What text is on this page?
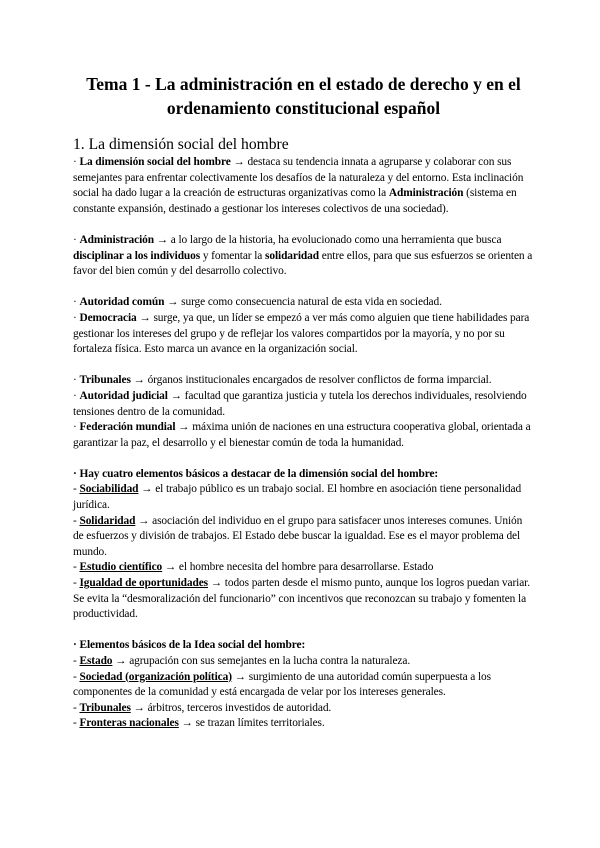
Tema 1 - La administración en el estado de derecho y en el
ordenamiento constitucional español
1. La dimensión social del hombre

· La dimensión social del hombre → destaca su tendencia innata a agruparse y colaborar con sus semejantes para enfrentar colectivamente los desafíos de la naturaleza y del entorno. Esta inclinación social ha dado lugar a la creación de estructuras organizativas como la Administración (sistema en constante expansión, destinado a gestionar los intereses colectivos de una sociedad).

· Administración → a lo largo de la historia, ha evolucionado como una herramienta que busca disciplinar a los individuos y fomentar la solidaridad entre ellos, para que sus esfuerzos se orienten a favor del bien común y del desarrollo colectivo.

· Autoridad común → surge como consecuencia natural de esta vida en sociedad.

· Democracia → surge, ya que, un líder se empezó a ver más como alguien que tiene habilidades para gestionar los intereses del grupo y de reflejar los valores compartidos por la mayoría, y no por su fortaleza física. Esto marca un avance en la organización social.

· Tribunales → órganos institucionales encargados de resolver conflictos de forma imparcial.

· Autoridad judicial → facultad que garantiza justicia y tutela los derechos individuales, resolviendo tensiones dentro de la comunidad.

· Federación mundial → máxima unión de naciones en una estructura cooperativa global, orientada a garantizar la paz, el desarrollo y el bienestar común de toda la humanidad.

· Hay cuatro elementos básicos a destacar de la dimensión social del hombre:

- Sociabilidad → el trabajo público es un trabajo social. El hombre en asociación tiene personalidad jurídica.

- Solidaridad → asociación del individuo en el grupo para satisfacer unos intereses comunes. Unión de esfuerzos y división de trabajos. El Estado debe buscar la igualdad. Ese es el mayor problema del mundo.

- Estudio científico → el hombre necesita del hombre para desarrollarse. Estado

- Igualdad de oportunidades → todos parten desde el mismo punto, aunque los logros puedan variar. Se evita la “desmoralización del funcionario” con incentivos que reconozcan su trabajo y fomenten la productividad.

· Elementos básicos de la Idea social del hombre:

- Estado → agrupación con sus semejantes en la lucha contra la naturaleza.

- Sociedad (organización política) → surgimiento de una autoridad común superpuesta a los componentes de la comunidad y está encargada de velar por los intereses generales.

- Tribunales → árbitros, terceros investidos de autoridad.

- Fronteras nacionales → se trazan límites territoriales.
